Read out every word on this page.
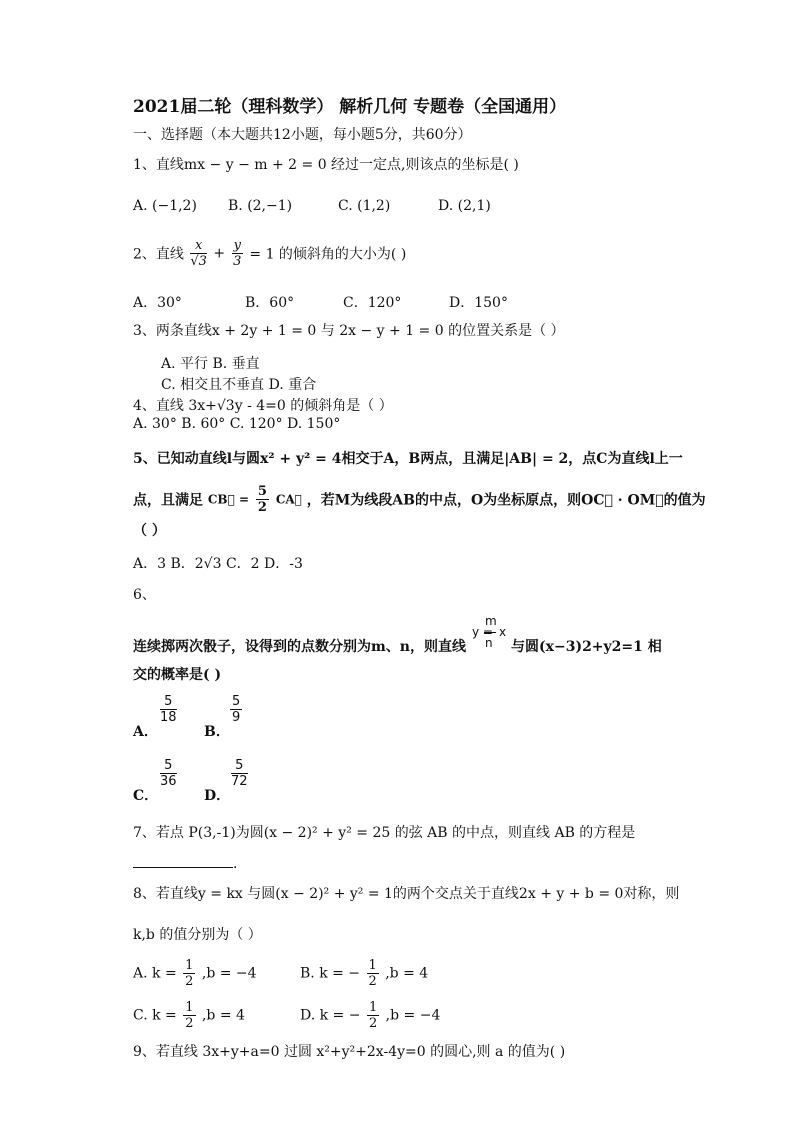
2021届二轮（理科数学） 解析几何 专题卷（全国通用）
一、选择题（本大题共12小题，每小题5分，共60分）
1、直线mx − y − m + 2 = 0 经过一定点,则该点的坐标是( )
A. (−1,2) B. (2,−1)	C. (1,2)	D. (2,1)
2、直线 $\frac{x}{√3} + \frac{y}{3} = 1$ 的倾斜角的大小为( )
A．30°	B．60°	C．120°	D．150°
3、两条直线x + 2y + 1 = 0 与 2x − y + 1 = 0 的位置关系是（ ）
A. 平行 B. 垂直
C. 相交且不垂直 D. 重合
4、直线 3x+√3y - 4=0 的倾斜角是（ ）
A. 30° B. 60° C. 120° D. 150°
5、已知动直线l与圆x² + y² = 4相交于A，B两点，且满足|AB| = 2，点C为直线l上一
点，且满足 CB⃗ = $\frac{5}{2}$ CA⃗ ，若M为线段AB的中点，O为坐标原点，则OC⃗ · OM⃗的值为
（ ）
A．3 B．2√3 C．2 D．-3
6、
连续掷两次骰子，设得到的点数分别为m、n，则直线
m
y = x
n 与圆(x−3)2+y2=1 相
交的概率是( )
A．
$\frac{5}{18}$
B．
$\frac{5}{9}$
C．
$\frac{5}{36}$
D．
$\frac{5}{72}$
7、若点 P(3,-1)为圆(x − 2)² + y² = 25 的弦 AB 的中点，则直线 AB 的方程是
.
8、若直线y = kx 与圆(x − 2)² + y² = 1的两个交点关于直线2x + y + b = 0对称，则
k,b 的值分别为（ ）
A. $k = \frac{1}{2} ,b = -4$	B. k = − $\frac{1}{2} ,b = 4$
C. $k = \frac{1}{2} ,b = 4$	D. k = − $\frac{1}{2} ,b = -4$
9、若直线 3x+y+a=0 过圆 x²+y²+2x-4y=0 的圆心,则 a 的值为( )
